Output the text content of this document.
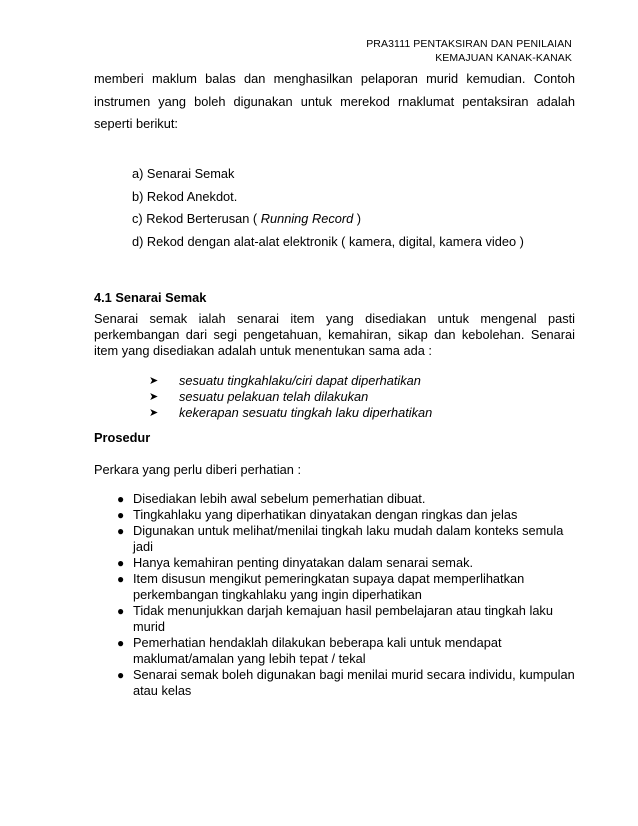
PRA3111 PENTAKSIRAN DAN PENILAIAN
KEMAJUAN KANAK-KANAK
memberi maklum balas dan menghasilkan pelaporan murid kemudian. Contoh instrumen yang boleh digunakan untuk merekod rnaklumat pentaksiran adalah seperti berikut:
a) Senarai Semak
b) Rekod Anekdot.
c) Rekod Berterusan ( Running Record )
d) Rekod dengan alat-alat elektronik ( kamera, digital, kamera video )
4.1 Senarai Semak
Senarai semak ialah senarai item yang disediakan untuk mengenal pasti perkembangan dari segi pengetahuan, kemahiran, sikap dan kebolehan. Senarai item yang disediakan adalah untuk menentukan sama ada :
➤	sesuatu tingkahlaku/ciri dapat diperhatikan
➤	sesuatu pelakuan telah dilakukan
➤	kekerapan sesuatu tingkah laku diperhatikan
Prosedur
Perkara yang perlu diberi perhatian :
● Disediakan lebih awal sebelum pemerhatian dibuat.
● Tingkahlaku yang diperhatikan dinyatakan dengan ringkas dan jelas
● Digunakan untuk melihat/menilai tingkah laku mudah dalam konteks semula jadi
● Hanya kemahiran penting dinyatakan dalam senarai semak.
● Item disusun mengikut pemeringkatan supaya dapat memperlihatkan perkembangan tingkahlaku yang ingin diperhatikan
● Tidak menunjukkan darjah kemajuan hasil pembelajaran atau tingkah laku murid
● Pemerhatian hendaklah dilakukan beberapa kali untuk mendapat maklumat/amalan yang lebih tepat / tekal
● Senarai semak boleh digunakan bagi menilai murid secara individu, kumpulan atau kelas
